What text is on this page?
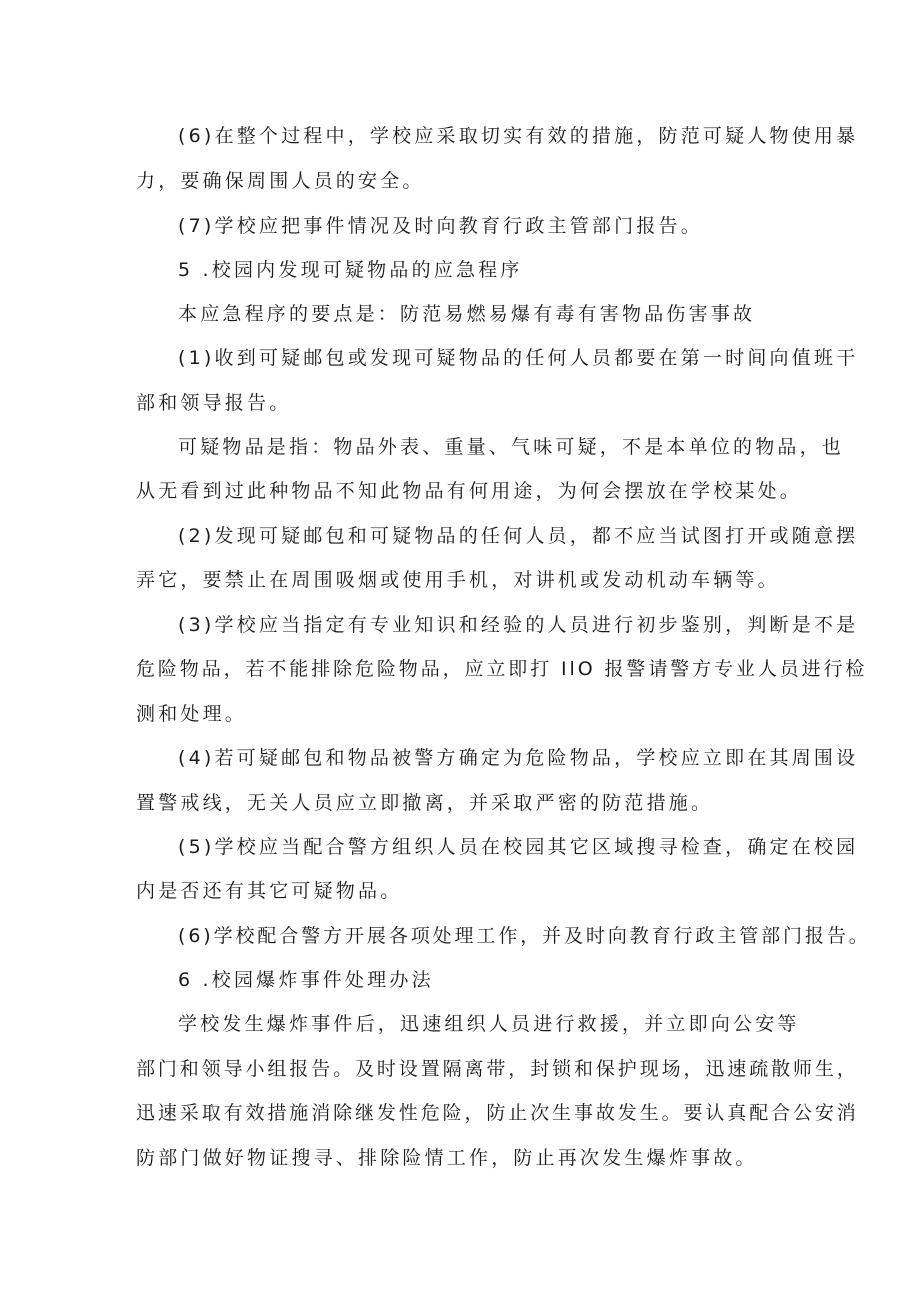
(6)在整个过程中，学校应采取切实有效的措施，防范可疑人物使用暴
力，要确保周围人员的安全。
(7)学校应把事件情况及时向教育行政主管部门报告。
5 .校园内发现可疑物品的应急程序
本应急程序的要点是：防范易燃易爆有毒有害物品伤害事故
(1)收到可疑邮包或发现可疑物品的任何人员都要在第一时间向值班干
部和领导报告。
可疑物品是指：物品外表、重量、气味可疑，不是本单位的物品，也
从无看到过此种物品不知此物品有何用途，为何会摆放在学校某处。
(2)发现可疑邮包和可疑物品的任何人员，都不应当试图打开或随意摆
弄它，要禁止在周围吸烟或使用手机，对讲机或发动机动车辆等。
(3)学校应当指定有专业知识和经验的人员进行初步鉴别，判断是不是
危险物品，若不能排除危险物品，应立即打 IlO 报警请警方专业人员进行检
测和处理。
(4)若可疑邮包和物品被警方确定为危险物品，学校应立即在其周围设
置警戒线，无关人员应立即撤离，并采取严密的防范措施。
(5)学校应当配合警方组织人员在校园其它区域搜寻检查，确定在校园
内是否还有其它可疑物品。
(6)学校配合警方开展各项处理工作，并及时向教育行政主管部门报告。
6 .校园爆炸事件处理办法
学校发生爆炸事件后，迅速组织人员进行救援，并立即向公安等
部门和领导小组报告。及时设置隔离带，封锁和保护现场，迅速疏散师生，
迅速采取有效措施消除继发性危险，防止次生事故发生。要认真配合公安消
防部门做好物证搜寻、排除险情工作，防止再次发生爆炸事故。
